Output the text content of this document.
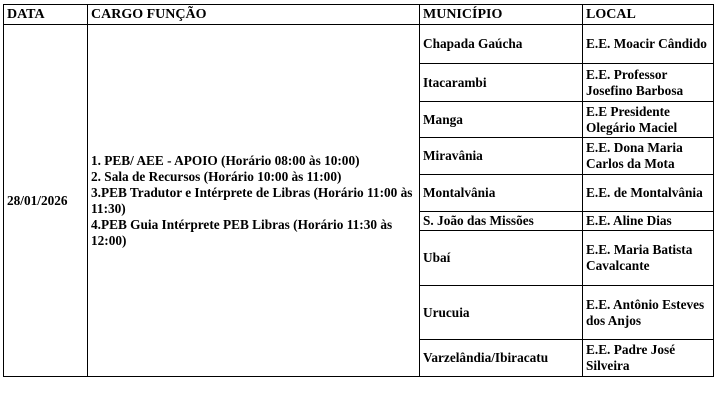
DATA	CARGO FUNÇÃO	MUNICÍPIO	LOCAL
28/01/2026	1. PEB/ AEE - APOIO (Horário 08:00 às 10:00)
2. Sala de Recursos (Horário 10:00 às 11:00)
3.PEB Tradutor e Intérprete de Libras (Horário 11:00 às 11:30)
4.PEB Guia Intérprete PEB Libras (Horário 11:30 às 12:00)	Chapada Gaúcha	E.E. Moacir Cândido
		Itacarambi	E.E. Professor Josefino Barbosa
		Manga	E.E Presidente Olegário Maciel
		Miravânia	E.E. Dona Maria Carlos da Mota
		Montalvânia	E.E. de Montalvânia
		S. João das Missões	E.E. Aline Dias
		Ubaí	E.E. Maria Batista Cavalcante
		Urucuia	E.E. Antônio Esteves dos Anjos
		Varzelândia/Ibiracatu	E.E. Padre José Silveira
